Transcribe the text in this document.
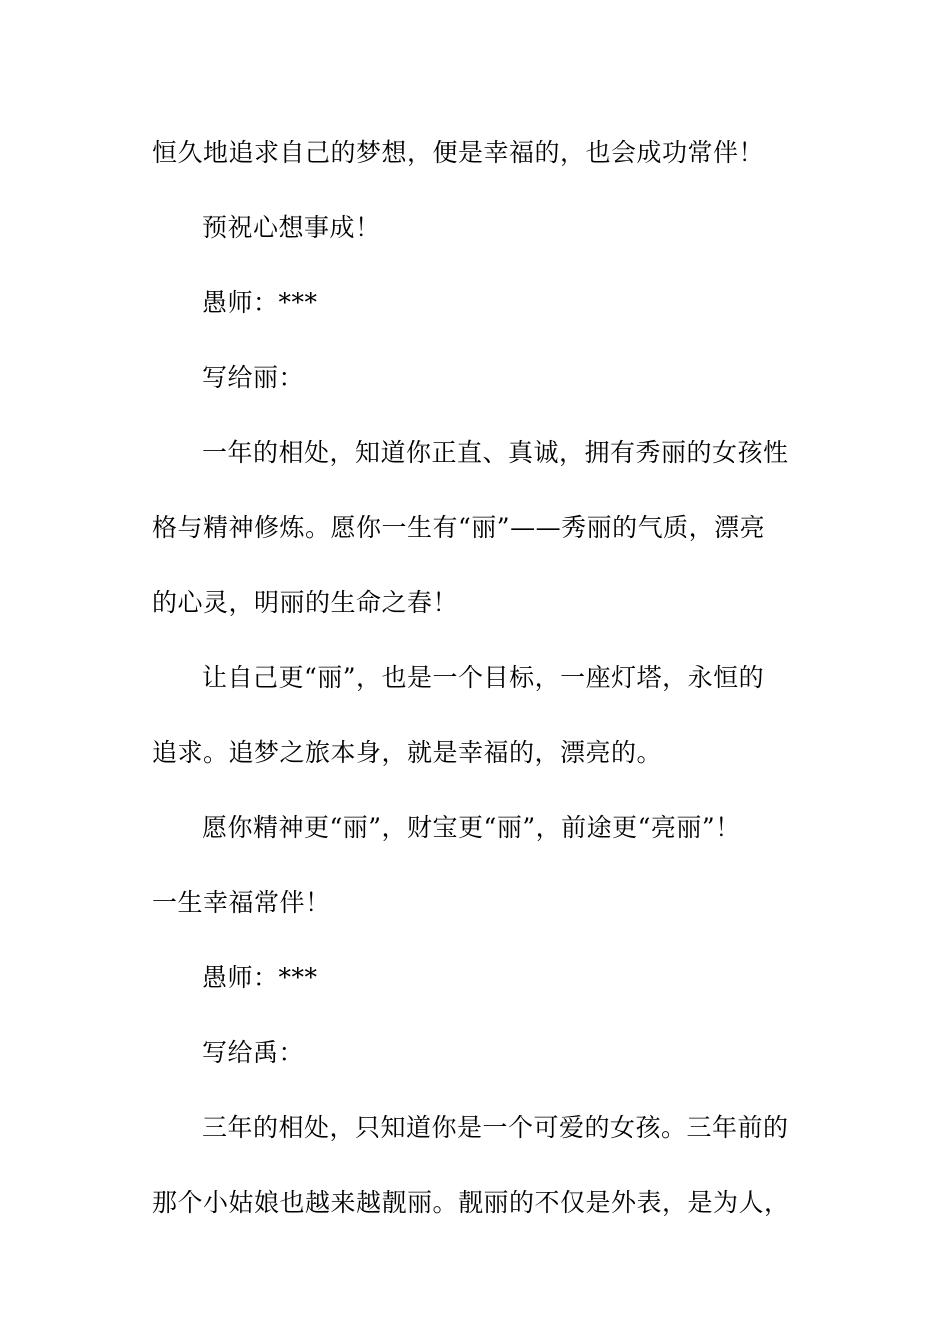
恒久地追求自己的梦想，便是幸福的，也会成功常伴！
预祝心想事成！
愚师：***
写给丽：
一年的相处，知道你正直、真诚，拥有秀丽的女孩性
格与精神修炼。愿你一生有“丽”——秀丽的气质，漂亮
的心灵，明丽的生命之春！
让自己更“丽”，也是一个目标，一座灯塔，永恒的
追求。追梦之旅本身，就是幸福的，漂亮的。
愿你精神更“丽”，财宝更“丽”，前途更“亮丽”！
一生幸福常伴！
愚师：***
写给禹：
三年的相处，只知道你是一个可爱的女孩。三年前的
那个小姑娘也越来越靓丽。靓丽的不仅是外表，是为人，
